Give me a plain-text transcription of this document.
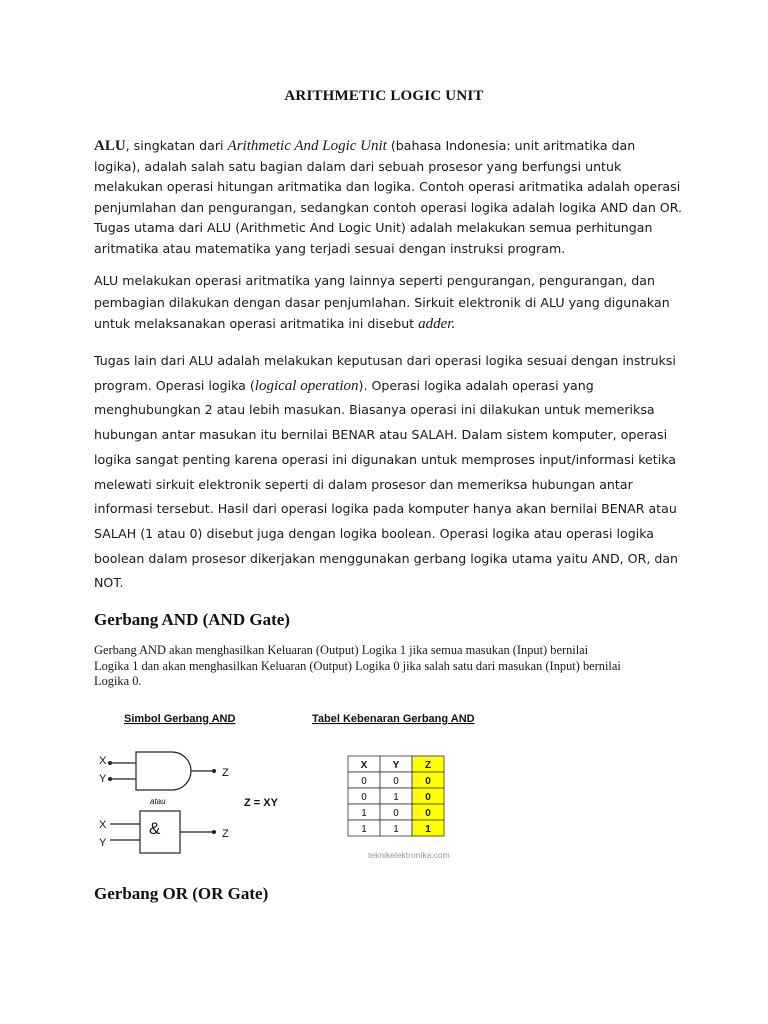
ARITHMETIC LOGIC UNIT
ALU, singkatan dari Arithmetic And Logic Unit (bahasa Indonesia: unit aritmatika dan
logika), adalah salah satu bagian dalam dari sebuah prosesor yang berfungsi untuk
melakukan operasi hitungan aritmatika dan logika. Contoh operasi aritmatika adalah operasi
penjumlahan dan pengurangan, sedangkan contoh operasi logika adalah logika AND dan OR.
Tugas utama dari ALU (Arithmetic And Logic Unit) adalah melakukan semua perhitungan
aritmatika atau matematika yang terjadi sesuai dengan instruksi program.
ALU melakukan operasi aritmatika yang lainnya seperti pengurangan, pengurangan, dan
pembagian dilakukan dengan dasar penjumlahan. Sirkuit elektronik di ALU yang digunakan
untuk melaksanakan operasi aritmatika ini disebut adder.
Tugas lain dari ALU adalah melakukan keputusan dari operasi logika sesuai dengan instruksi
program. Operasi logika (logical operation). Operasi logika adalah operasi yang
menghubungkan 2 atau lebih masukan. Biasanya operasi ini dilakukan untuk memeriksa
hubungan antar masukan itu bernilai BENAR atau SALAH. Dalam sistem komputer, operasi
logika sangat penting karena operasi ini digunakan untuk memproses input/informasi ketika
melewati sirkuit elektronik seperti di dalam prosesor dan memeriksa hubungan antar
informasi tersebut. Hasil dari operasi logika pada komputer hanya akan bernilai BENAR atau
SALAH (1 atau 0) disebut juga dengan logika boolean. Operasi logika atau operasi logika
boolean dalam prosesor dikerjakan menggunakan gerbang logika utama yaitu AND, OR, dan
NOT.
Gerbang AND (AND Gate)
Gerbang AND akan menghasilkan Keluaran (Output) Logika 1 jika semua masukan (Input) bernilai
Logika 1 dan akan menghasilkan Keluaran (Output) Logika 0 jika salah satu dari masukan (Input) bernilai
Logika 0.
Simbol Gerbang AND	Tabel Kebenaran Gerbang AND
X
Y	Z
atau	Z = XY
&
X
Y
Z
X	Y	Z
0	0	0
0	1	0
1	0	0
1	1	1
teknikelektronika.com
Gerbang OR (OR Gate)
